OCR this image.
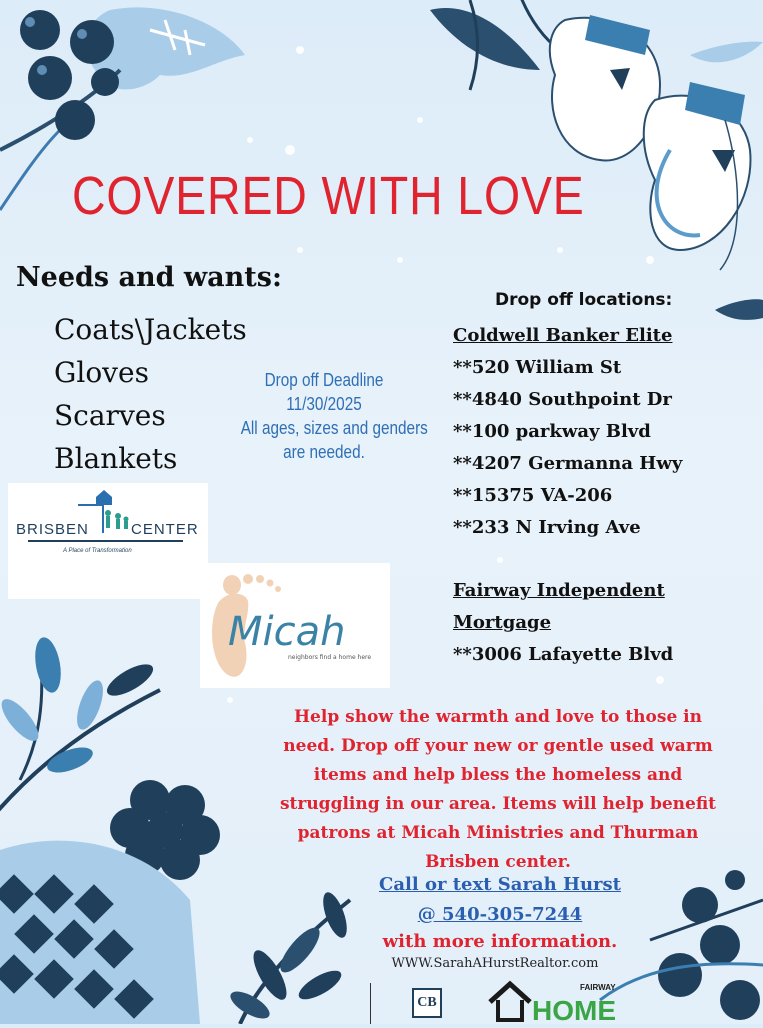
COVERED WITH LOVE
Needs and wants:
Coats\Jackets
Gloves
Scarves
Blankets
Drop off Deadline
11/30/2025
All ages, sizes and genders
are needed.
BRISBEN	CENTER
A Place of Transformation
Micah
neighbors find a home here
Drop off locations:
Coldwell Banker Elite
**520 William St
**4840 Southpoint Dr
**100 parkway Blvd
**4207 Germanna Hwy
**15375 VA-206
**233 N Irving Ave
Fairway Independent
Mortgage
**3006 Lafayette Blvd
Help show the warmth and love to those in
need. Drop off your new or gentle used warm
items and help bless the homeless and
struggling in our area. Items will help benefit
patrons at Micah Ministries and Thurman
Brisben center.
Call or text Sarah Hurst
@ 540-305-7244
with more information.
WWW.SarahAHurstRealtor.com
CB
FAIRWAY
HOME
